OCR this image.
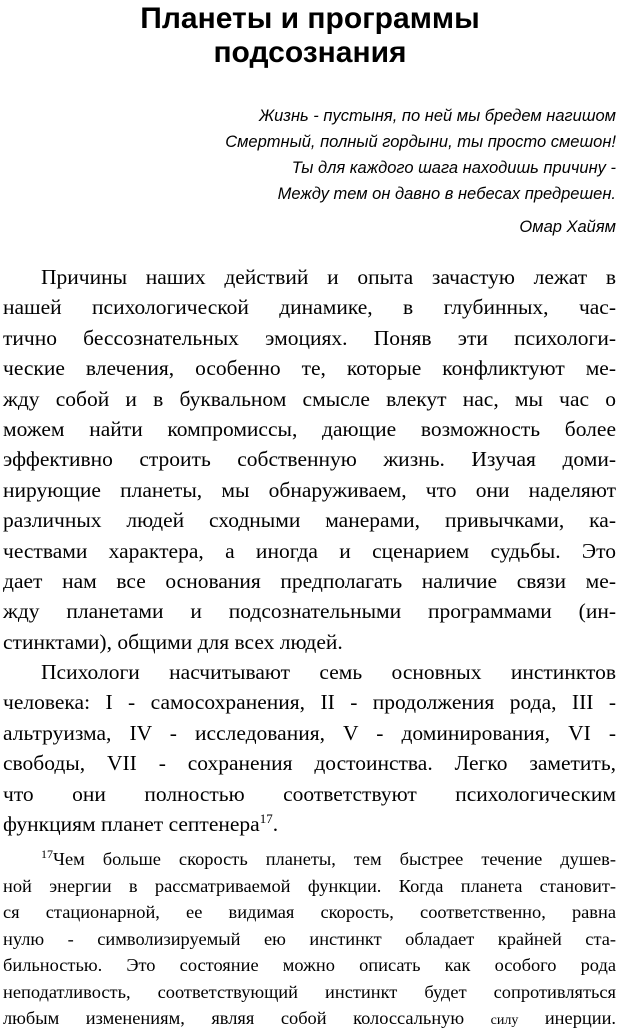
Планеты и программы
подсознания
Жизнь - пустыня, по ней мы бредем нагишом
Смертный, полный гордыни, ты просто смешон!
Ты для каждого шага находишь причину -
Между тем он давно в небесах предрешен.
Омар Хайям
Причины наших действий и опыта зачастую лежат в
нашей психологической динамике, в глубинных, час-
тично бессознательных эмоциях. Поняв эти психологи-
ческие влечения, особенно те, которые конфликтуют ме-
жду собой и в буквальном смысле влекут нас, мы час о
можем найти компромиссы, дающие возможность более
эффективно строить собственную жизнь. Изучая доми-
нирующие планеты, мы обнаруживаем, что они наделяют
различных людей сходными манерами, привычками, ка-
чествами характера, а иногда и сценарием судьбы. Это
дает нам все основания предполагать наличие связи ме-
жду планетами и подсознательными программами (ин-
стинктами), общими для всех людей.
Психологи насчитывают семь основных инстинктов
человека: I - самосохранения, II - продолжения рода, III -
альтруизма, IV - исследования, V - доминирования, VI -
свободы, VII - сохранения достоинства. Легко заметить,
что они полностью соответствуют психологическим
функциям планет септенера$^{17}$.
$^{17}$Чем больше скорость планеты, тем быстрее течение душев-
ной энергии в рассматриваемой функции. Когда планета становит-
ся стационарной, ее видимая скорость, соответственно, равна
нулю - символизируемый ею инстинкт обладает крайней ста-
бильностью. Это состояние можно описать как особого рода
неподатливость, соответствующий инстинкт будет сопротивляться
любым изменениям, являя собой колоссальную силу инерции.
